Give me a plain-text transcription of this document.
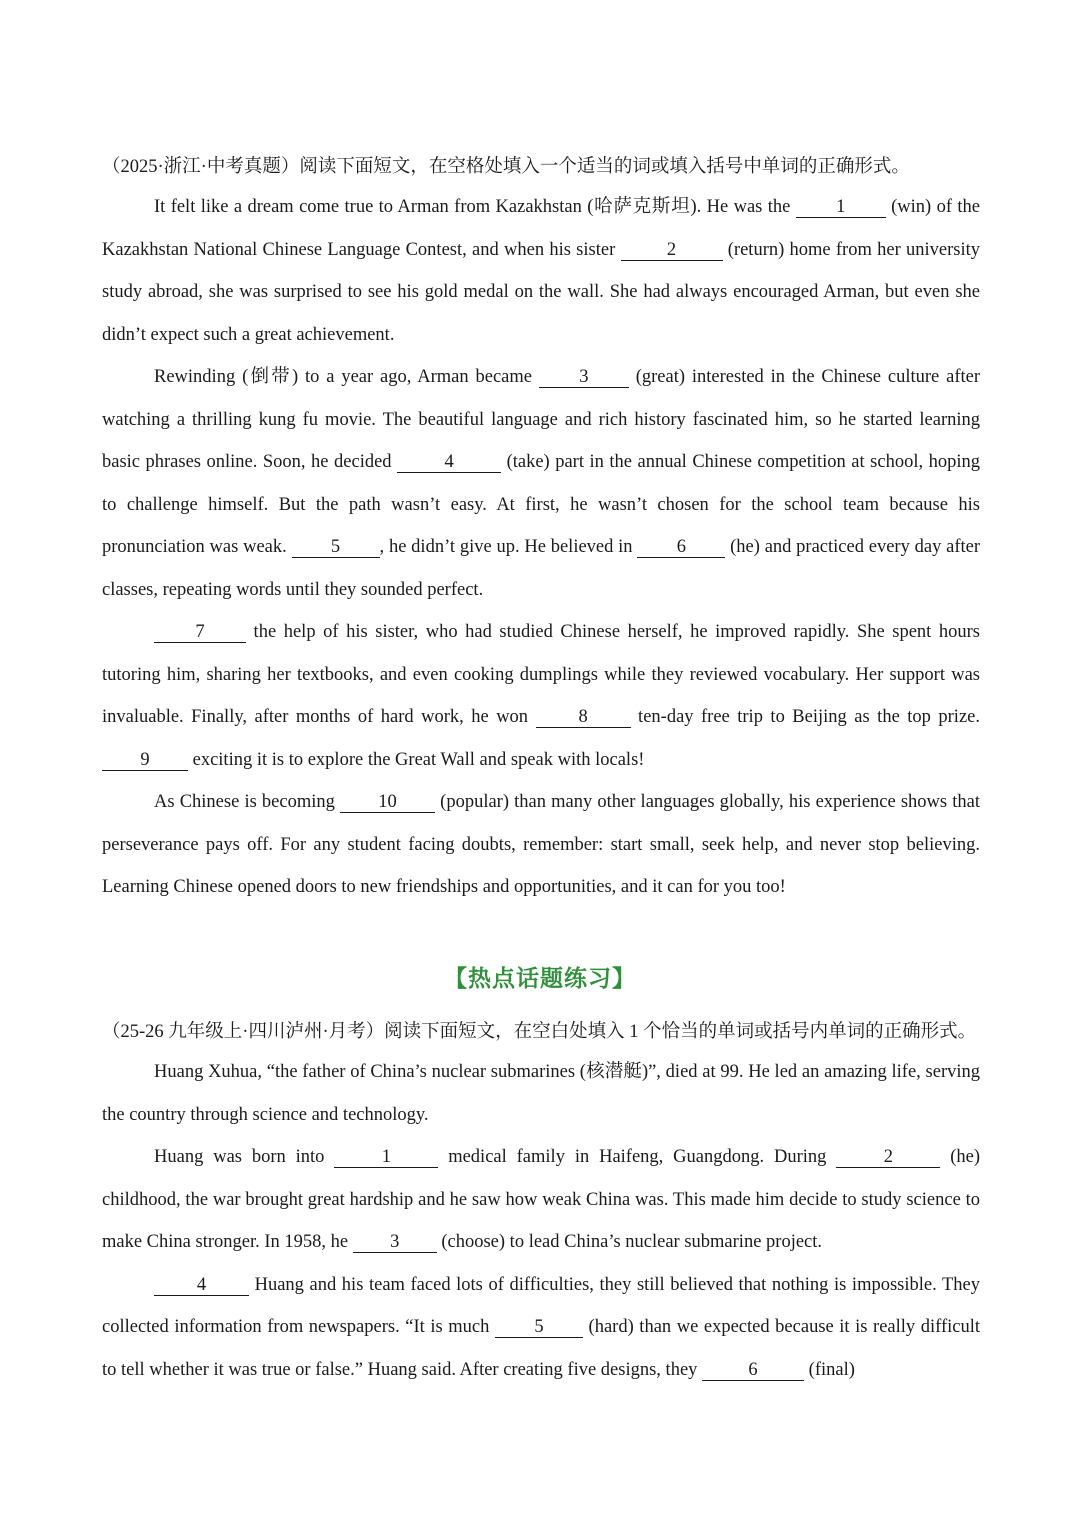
（2025·浙江·中考真题）阅读下面短文，在空格处填入一个适当的词或填入括号中单词的正确形式。

It felt like a dream come true to Arman from Kazakhstan (哈萨克斯坦). He was the 1 (win) of the Kazakhstan National Chinese Language Contest, and when his sister	2	(return) home from her university study abroad, she was surprised to see his gold medal on the wall. She had always encouraged Arman, but even she didn’t expect such a great achievement.

Rewinding (倒带) to a year ago, Arman became 3 (great) interested in the Chinese culture after watching a thrilling kung fu movie. The beautiful language and rich history fascinated him, so he started learning basic phrases online. Soon, he decided	4	(take) part in the annual Chinese competition at school, hoping to challenge himself. But the path wasn’t easy. At first, he wasn’t chosen for the school team because his pronunciation was weak. 5 , he didn’t give up. He believed in 6 (he) and practiced every day after classes, repeating words until they sounded perfect.

7 the help of his sister, who had studied Chinese herself, he improved rapidly. She spent hours tutoring him, sharing her textbooks, and even cooking dumplings while they reviewed vocabulary. Her support was invaluable. Finally, after months of hard work, he won 8 ten-day free trip to Beijing as the top prize. 9 exciting it is to explore the Great Wall and speak with locals!

As Chinese is becoming 10 (popular) than many other languages globally, his experience shows that perseverance pays off. For any student facing doubts, remember: start small, seek help, and never stop believing. Learning Chinese opened doors to new friendships and opportunities, and it can for you too!

【热点话题练习】

（25-26 九年级上·四川泸州·月考）阅读下面短文，在空白处填入 1 个恰当的单词或括号内单词的正确形式。

Huang Xuhua, “the father of China’s nuclear submarines (核潜艇)”, died at 99. He led an amazing life, serving the country through science and technology.

Huang was born into	1	medical family in Haifeng, Guangdong. During	2	(he) childhood, the war brought great hardship and he saw how weak China was. This made him decide to study science to make China stronger. In 1958, he 3 (choose) to lead China’s nuclear submarine project.

4 Huang and his team faced lots of difficulties, they still believed that nothing is impossible. They collected information from newspapers. “It is much 5 (hard) than we expected because it is really difficult to tell whether it was true or false.” Huang said. After creating five designs, they	6	(final)
